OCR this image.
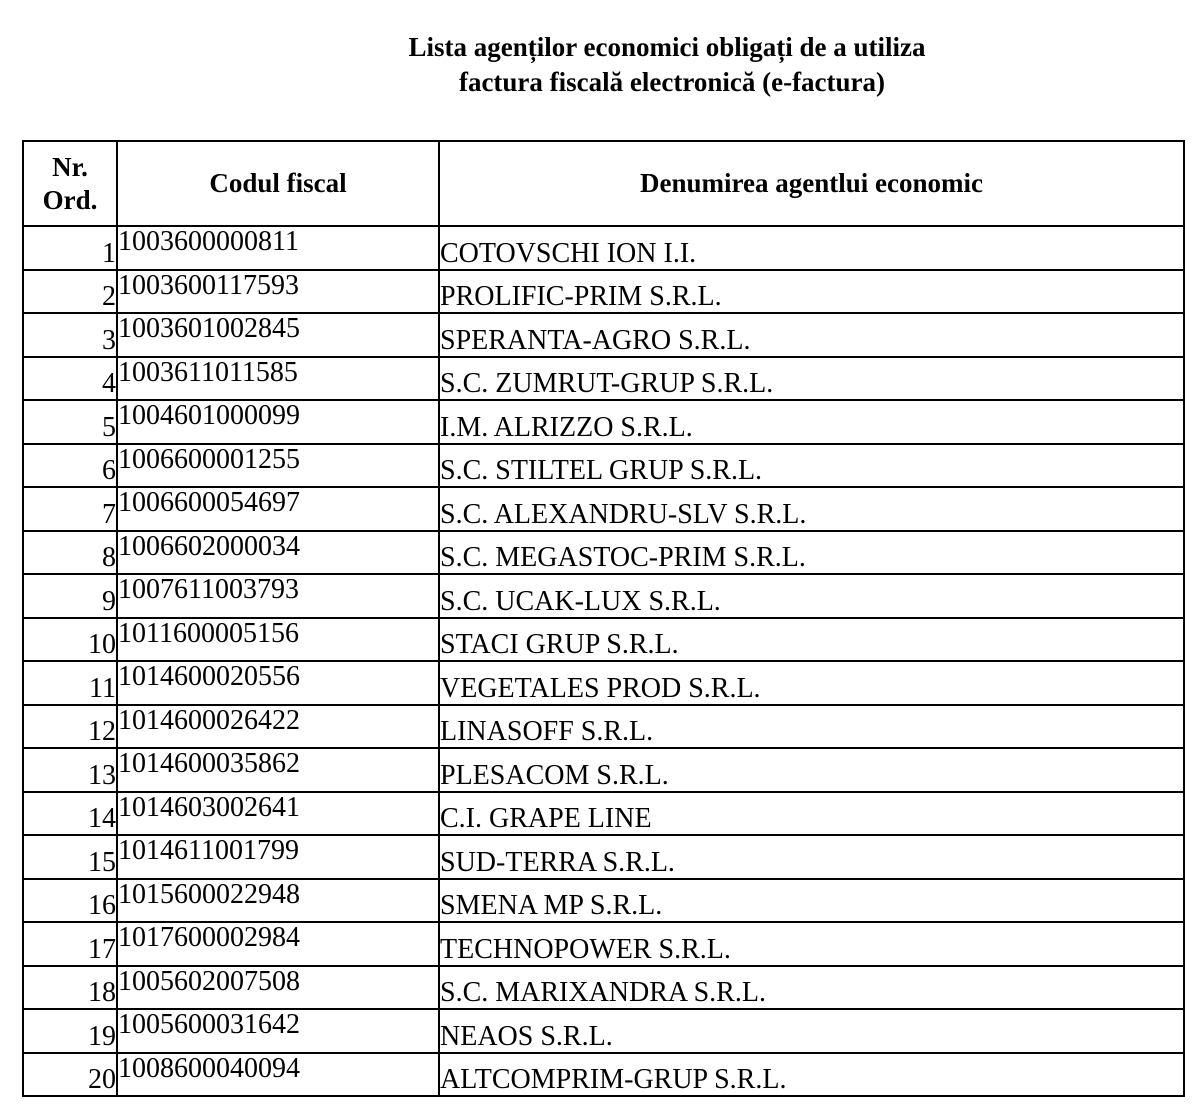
Lista agenților economici obligați de a utiliza
factura fiscală electronică (e-factura)
Nr.
Ord.	Codul fiscal	Denumirea agentlui economic
1	1003600000811	COTOVSCHI ION I.I.
2	1003600117593	PROLIFIC-PRIM S.R.L.
3	1003601002845	SPERANTA-AGRO S.R.L.
4	1003611011585	S.C. ZUMRUT-GRUP S.R.L.
5	1004601000099	I.M. ALRIZZO S.R.L.
6	1006600001255	S.C. STILTEL GRUP S.R.L.
7	1006600054697	S.C. ALEXANDRU-SLV S.R.L.
8	1006602000034	S.C. MEGASTOC-PRIM S.R.L.
9	1007611003793	S.C. UCAK-LUX S.R.L.
10	1011600005156	STACI GRUP S.R.L.
11	1014600020556	VEGETALES PROD S.R.L.
12	1014600026422	LINASOFF S.R.L.
13	1014600035862	PLESACOM S.R.L.
14	1014603002641	C.I. GRAPE LINE
15	1014611001799	SUD-TERRA S.R.L.
16	1015600022948	SMENA MP S.R.L.
17	1017600002984	TECHNOPOWER S.R.L.
18	1005602007508	S.C. MARIXANDRA S.R.L.
19	1005600031642	NEAOS S.R.L.
20	1008600040094	ALTCOMPRIM-GRUP S.R.L.
